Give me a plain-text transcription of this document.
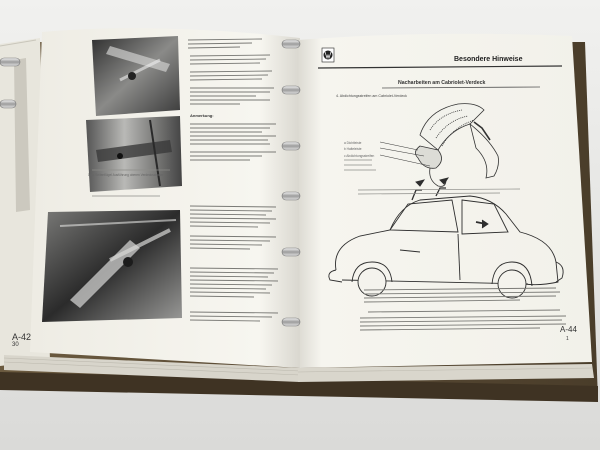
Dies Seitenflügel Ausführung oberen Verdeckschalter
Anmerkung:
A-42
30
Besondere Hinweise
Nacharbeiten am Cabriolet-Verdeck
4. Abdichtungsstreifen am Cabriolet-Verdeck
a Dichtleiste
b Halteleiste
c Abdichtungsstreifen
A-44
1
